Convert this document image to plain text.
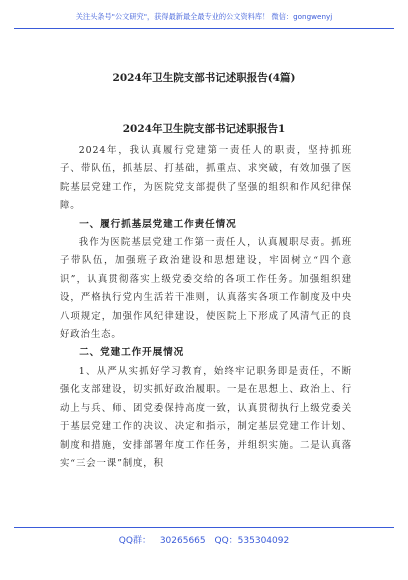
关注头条号"公文研究"，获得最新最全最专业的公文资料库！ 微信：gongwenyj
2024年卫生院支部书记述职报告(4篇)
2024年卫生院支部书记述职报告1

2024年，我认真履行党建第一责任人的职责，坚持抓班子、带队伍，抓基层、打基础，抓重点、求突破，有效加强了医院基层党建工作，为医院党支部提供了坚强的组织和作风纪律保障。

一、履行抓基层党建工作责任情况

我作为医院基层党建工作第一责任人，认真履职尽责。抓班子带队伍，加强班子政治建设和思想建设，牢固树立“四个意识”，认真贯彻落实上级党委交给的各项工作任务。加强组织建设，严格执行党内生活若干准则，认真落实各项工作制度及中央八项规定，加强作风纪律建设，使医院上下形成了风清气正的良好政治生态。

二、党建工作开展情况

1、从严从实抓好学习教育，始终牢记职务即是责任，不断强化支部建设，切实抓好政治履职。一是在思想上、政治上、行动上与兵、师、团党委保持高度一致，认真贯彻执行上级党委关于基层党建工作的决议、决定和指示，制定基层党建工作计划、制度和措施，安排部署年度工作任务，并组织实施。二是认真落实“三会一课”制度，积

QQ群： 30265665 QQ：535304092
